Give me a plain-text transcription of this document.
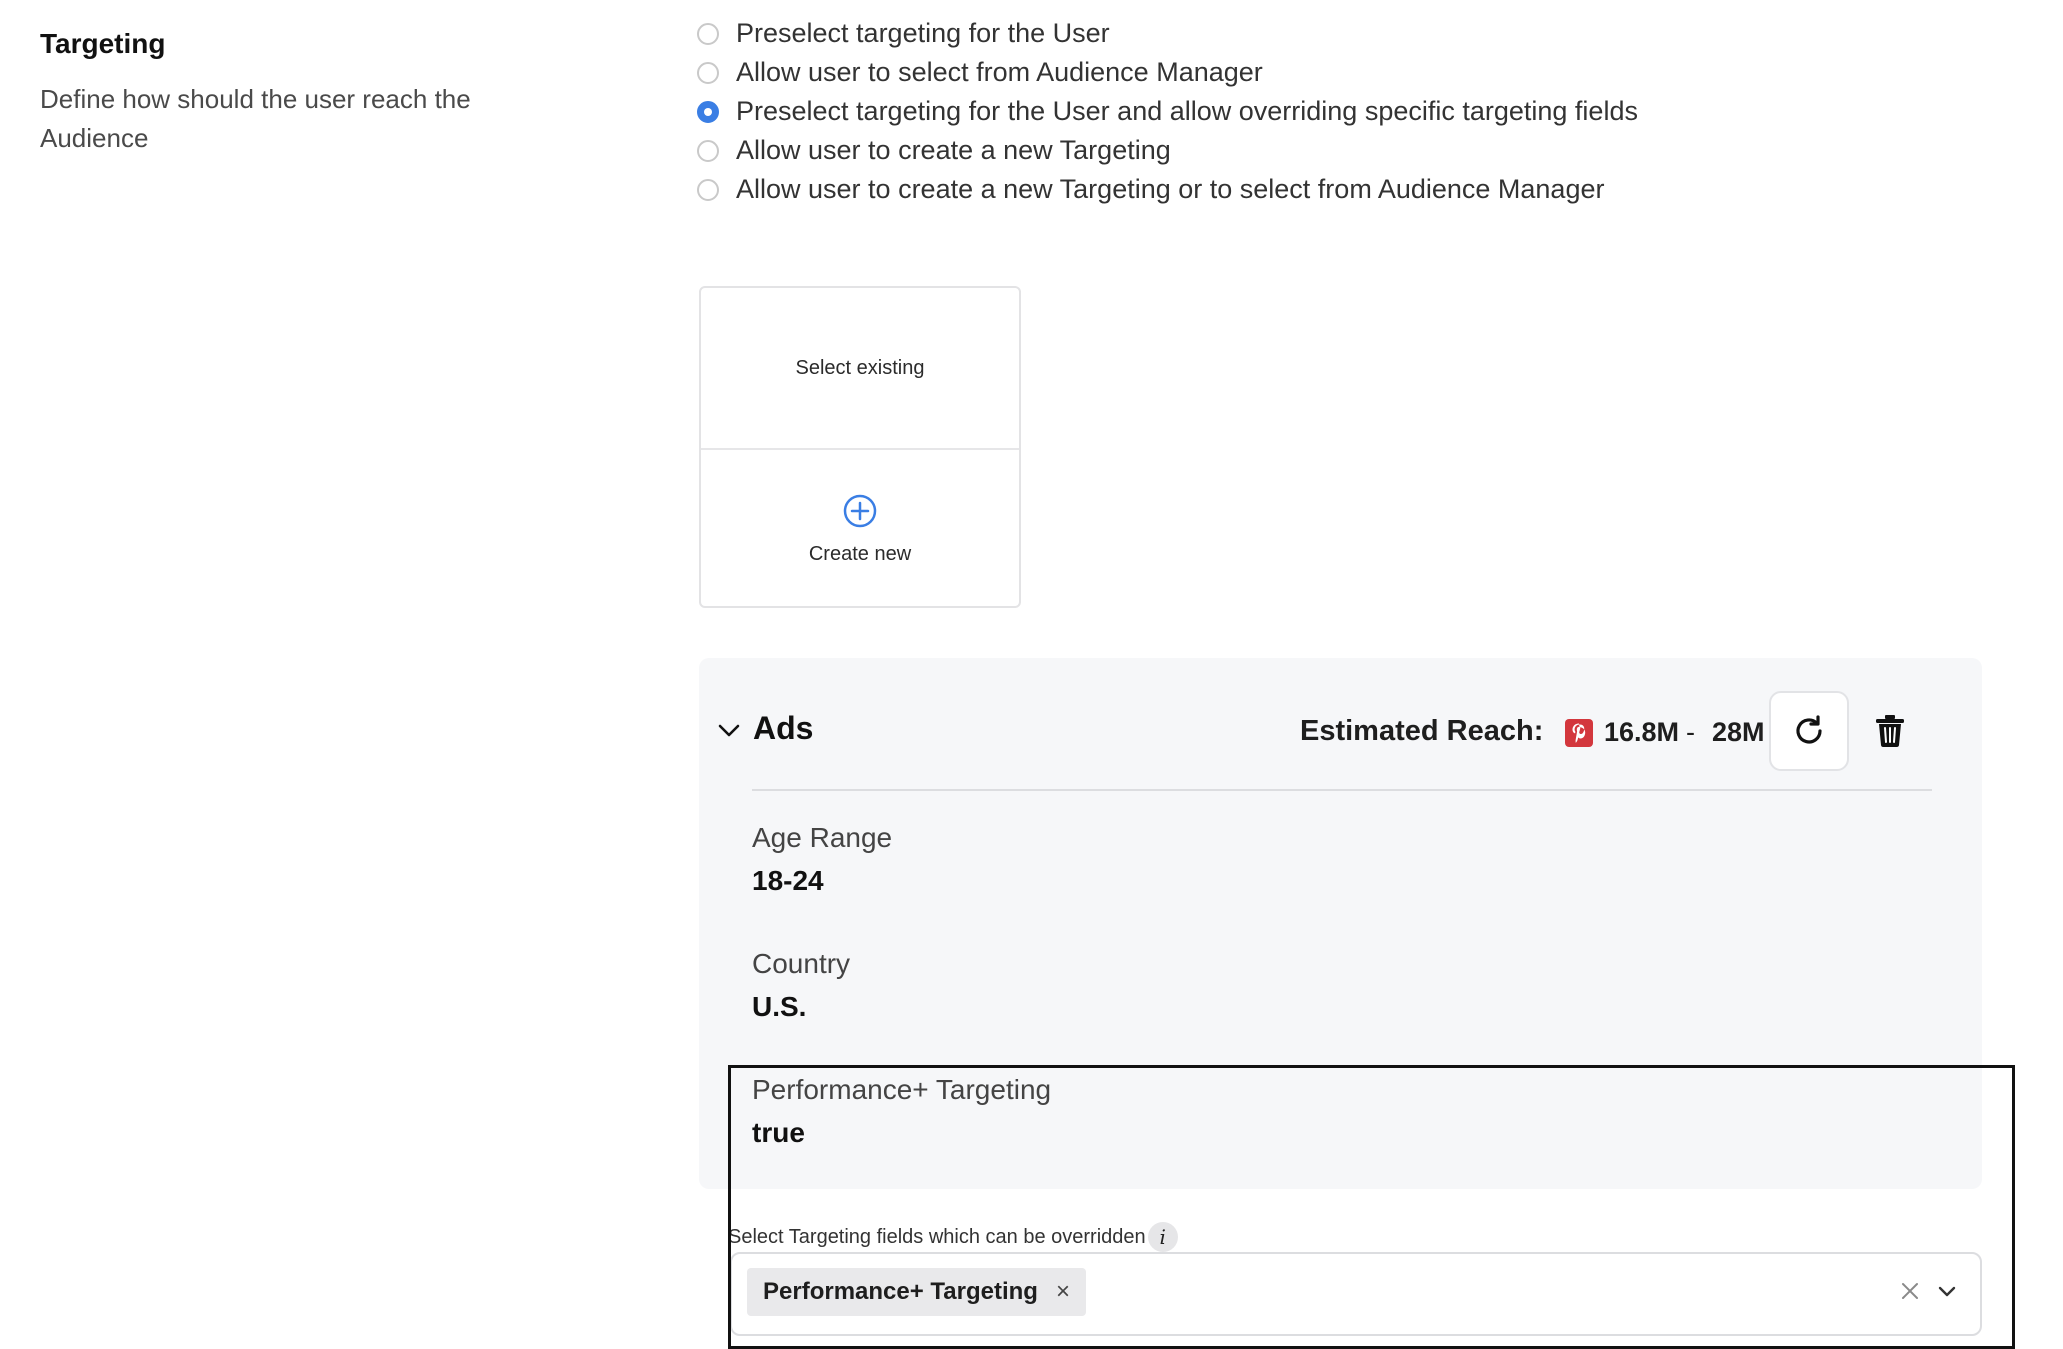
Targeting
Define how should the user reach the Audience
Preselect targeting for the User
Allow user to select from Audience Manager
Preselect targeting for the User and allow overriding specific targeting fields
Allow user to create a new Targeting
Allow user to create a new Targeting or to select from Audience Manager
Select existing
Create new
Ads	Estimated Reach: 16.8M - 28M
Age Range
18-24
Country
U.S.
Performance+ Targeting
true
Select Targeting fields which can be overridden i
Performance+ Targeting ×
